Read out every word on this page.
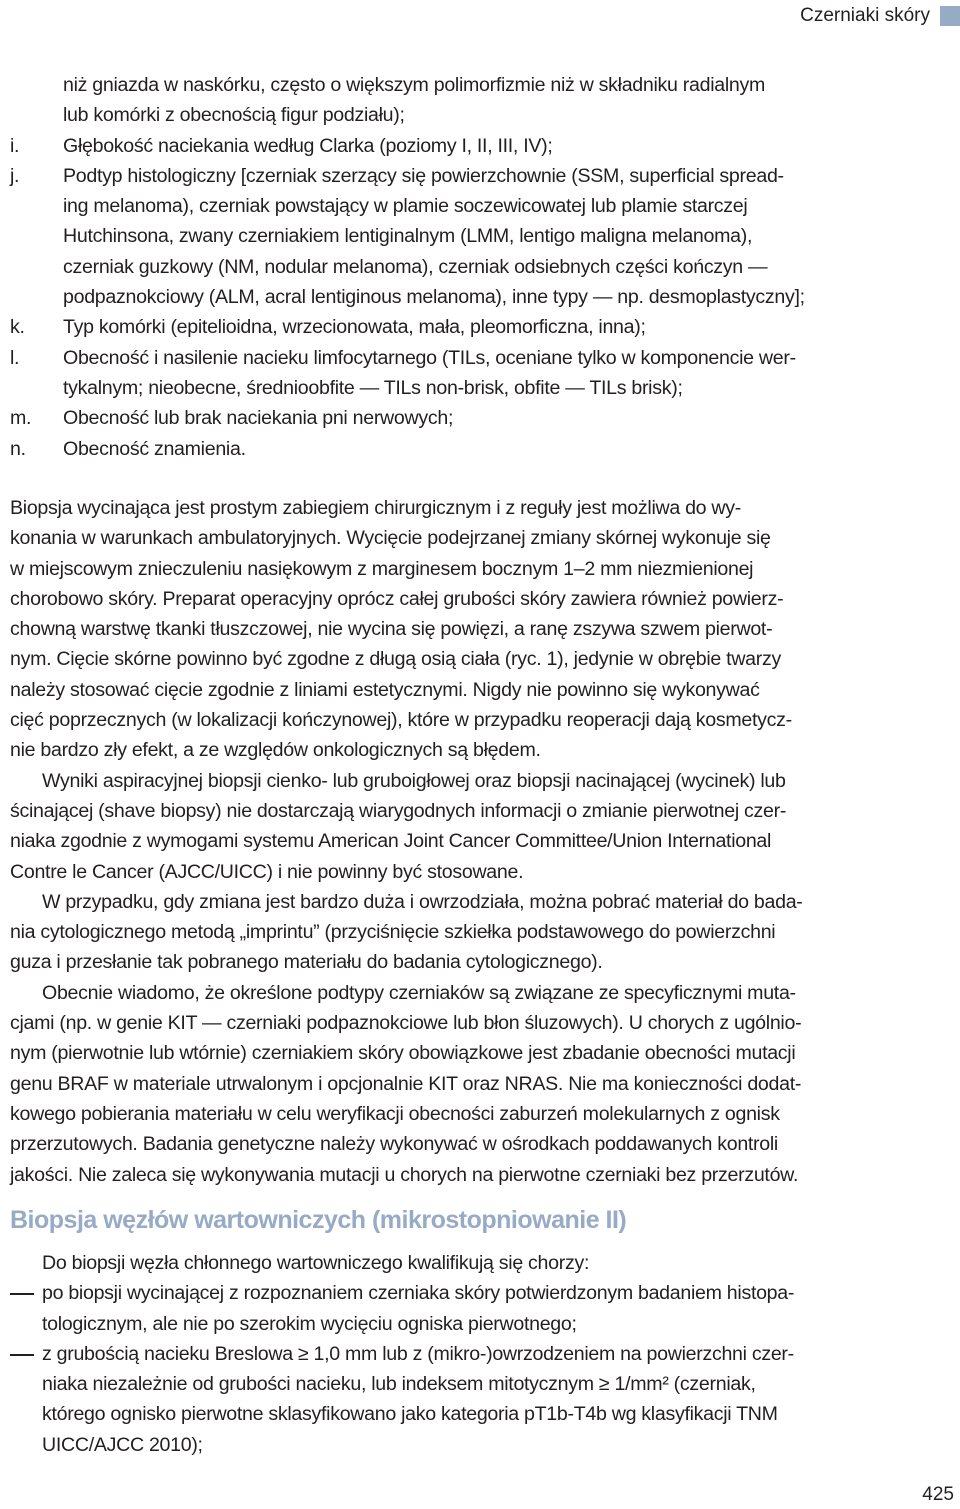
Czerniaki skóry
niż gniazda w naskórku, często o większym polimorfizmie niż w składniku radialnym
lub komórki z obecnością figur podziału);
i. Głębokość naciekania według Clarka (poziomy I, II, III, IV);
j. Podtyp histologiczny [czerniak szerzący się powierzchownie (SSM, superficial spread-
ing melanoma), czerniak powstający w plamie soczewicowatej lub plamie starczej
Hutchinsona, zwany czerniakiem lentiginalnym (LMM, lentigo maligna melanoma),
czerniak guzkowy (NM, nodular melanoma), czerniak odsiebnych części kończyn —
podpaznokciowy (ALM, acral lentiginous melanoma), inne typy — np. desmoplastyczny];
k. Typ komórki (epitelioidna, wrzecionowata, mała, pleomorficzna, inna);
l. Obecność i nasilenie nacieku limfocytarnego (TILs, oceniane tylko w komponencie wer-
tykalnym; nieobecne, średnioobfite — TILs non-brisk, obfite — TILs brisk);
m. Obecność lub brak naciekania pni nerwowych;
n. Obecność znamienia.
Biopsja wycinająca jest prostym zabiegiem chirurgicznym i z reguły jest możliwa do wy-
konania w warunkach ambulatoryjnych. Wycięcie podejrzanej zmiany skórnej wykonuje się
w miejscowym znieczuleniu nasiękowym z marginesem bocznym 1–2 mm niezmienionej
chorobowo skóry. Preparat operacyjny oprócz całej grubości skóry zawiera również powierz-
chowną warstwę tkanki tłuszczowej, nie wycina się powięzi, a ranę zszywa szwem pierwot-
nym. Cięcie skórne powinno być zgodne z długą osią ciała (ryc. 1), jedynie w obrębie twarzy
należy stosować cięcie zgodnie z liniami estetycznymi. Nigdy nie powinno się wykonywać
cięć poprzecznych (w lokalizacji kończynowej), które w przypadku reoperacji dają kosmetycz-
nie bardzo zły efekt, a ze względów onkologicznych są błędem.
Wyniki aspiracyjnej biopsji cienko- lub gruboigłowej oraz biopsji nacinającej (wycinek) lub
ścinającej (shave biopsy) nie dostarczają wiarygodnych informacji o zmianie pierwotnej czer-
niaka zgodnie z wymogami systemu American Joint Cancer Committee/Union International
Contre le Cancer (AJCC/UICC) i nie powinny być stosowane.
W przypadku, gdy zmiana jest bardzo duża i owrzodziała, można pobrać materiał do bada-
nia cytologicznego metodą „imprintu” (przyciśnięcie szkiełka podstawowego do powierzchni
guza i przesłanie tak pobranego materiału do badania cytologicznego).
Obecnie wiadomo, że określone podtypy czerniaków są związane ze specyficznymi muta-
cjami (np. w genie KIT — czerniaki podpaznokciowe lub błon śluzowych). U chorych z ugólnio-
nym (pierwotnie lub wtórnie) czerniakiem skóry obowiązkowe jest zbadanie obecności mutacji
genu BRAF w materiale utrwalonym i opcjonalnie KIT oraz NRAS. Nie ma konieczności dodat-
kowego pobierania materiału w celu weryfikacji obecności zaburzeń molekularnych z ognisk
przerzutowych. Badania genetyczne należy wykonywać w ośrodkach poddawanych kontroli
jakości. Nie zaleca się wykonywania mutacji u chorych na pierwotne czerniaki bez przerzutów.
Biopsja węzłów wartowniczych (mikrostopniowanie II)
Do biopsji węzła chłonnego wartowniczego kwalifikują się chorzy:
po biopsji wycinającej z rozpoznaniem czerniaka skóry potwierdzonym badaniem histopa-
tologicznym, ale nie po szerokim wycięciu ogniska pierwotnego;
z grubością nacieku Breslowa ≥ 1,0 mm lub z (mikro-)owrzodzeniem na powierzchni czer-
niaka niezależnie od grubości nacieku, lub indeksem mitotycznym ≥ 1/mm² (czerniak,
którego ognisko pierwotne sklasyfikowano jako kategoria pT1b-T4b wg klasyfikacji TNM
UICC/AJCC 2010);
425
